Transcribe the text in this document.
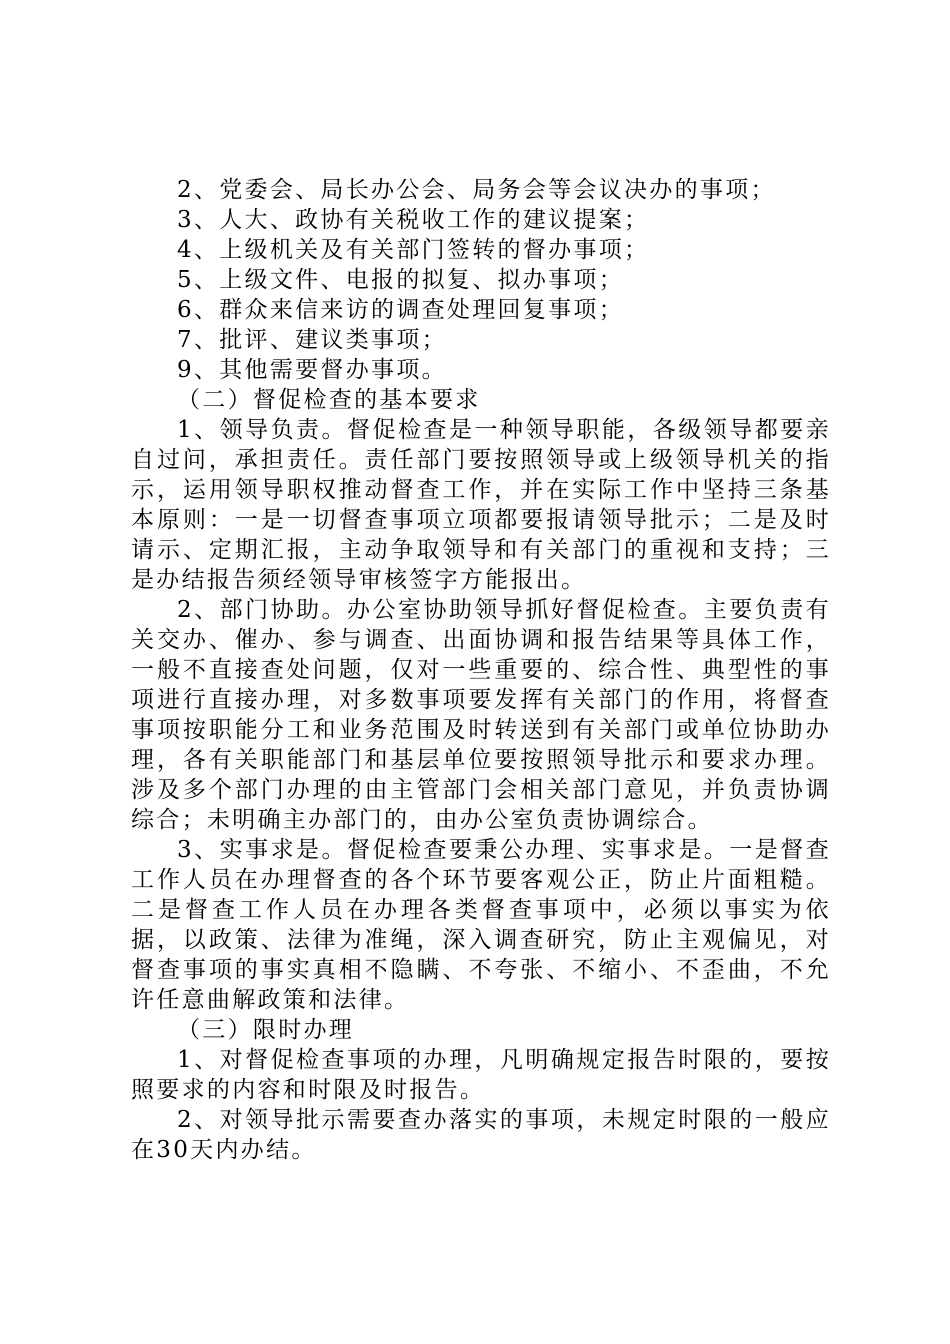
2、党委会、局长办公会、局务会等会议决办的事项；
3、人大、政协有关税收工作的建议提案；
4、上级机关及有关部门签转的督办事项；
5、上级文件、电报的拟复、拟办事项；
6、群众来信来访的调查处理回复事项；
7、批评、建议类事项；
9、其他需要督办事项。
（二）督促检查的基本要求

1、领导负责。督促检查是一种领导职能，各级领导都要亲自过问，承担责任。责任部门要按照领导或上级领导机关的指示，运用领导职权推动督查工作，并在实际工作中坚持三条基本原则：一是一切督查事项立项都要报请领导批示；二是及时请示、定期汇报，主动争取领导和有关部门的重视和支持；三是办结报告须经领导审核签字方能报出。

2、部门协助。办公室协助领导抓好督促检查。主要负责有关交办、催办、参与调查、出面协调和报告结果等具体工作，一般不直接查处问题，仅对一些重要的、综合性、典型性的事项进行直接办理，对多数事项要发挥有关部门的作用，将督查事项按职能分工和业务范围及时转送到有关部门或单位协助办理，各有关职能部门和基层单位要按照领导批示和要求办理。涉及多个部门办理的由主管部门会相关部门意见，并负责协调综合；未明确主办部门的，由办公室负责协调综合。

3、实事求是。督促检查要秉公办理、实事求是。一是督查工作人员在办理督查的各个环节要客观公正，防止片面粗糙。二是督查工作人员在办理各类督查事项中，必须以事实为依据，以政策、法律为准绳，深入调查研究，防止主观偏见，对督查事项的事实真相不隐瞒、不夸张、不缩小、不歪曲，不允许任意曲解政策和法律。

（三）限时办理

1、对督促检查事项的办理，凡明确规定报告时限的，要按照要求的内容和时限及时报告。

2、对领导批示需要查办落实的事项，未规定时限的一般应在30天内办结。
